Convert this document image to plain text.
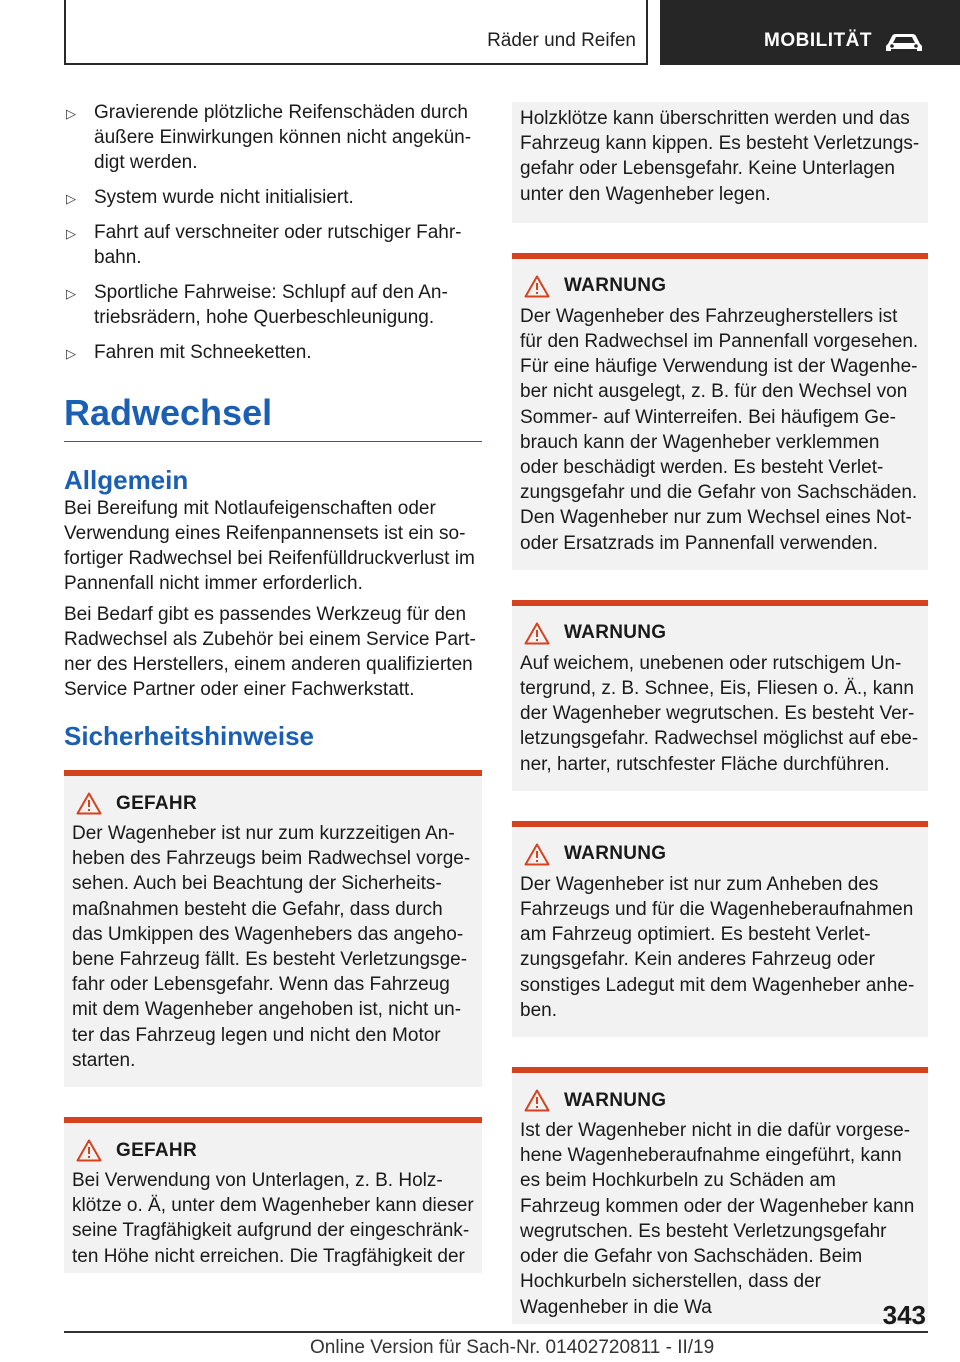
Räder und Reifen	MOBILITÄT
▷ Gravierende plötzliche Reifenschäden durch äußere Einwirkungen können nicht angekündigt werden.
▷ System wurde nicht initialisiert.
▷ Fahrt auf verschneiter oder rutschiger Fahrbahn.
▷ Sportliche Fahrweise: Schlupf auf den Antriebsrädern, hohe Querbeschleunigung.
▷ Fahren mit Schneeketten.
Radwechsel
Allgemein

Bei Bereifung mit Notlaufeigenschaften oder Verwendung eines Reifenpannensets ist ein sofortiger Radwechsel bei Reifenfülldruckverlust im Pannenfall nicht immer erforderlich.

Bei Bedarf gibt es passendes Werkzeug für den Radwechsel als Zubehör bei einem Service Partner des Herstellers, einem anderen qualifizierten Service Partner oder einer Fachwerkstatt.

Sicherheitshinweise
GEFAHR

Der Wagenheber ist nur zum kurzzeitigen Anheben des Fahrzeugs beim Radwechsel vorgesehen. Auch bei Beachtung der Sicherheitsmaßnahmen besteht die Gefahr, dass durch das Umkippen des Wagenhebers das angehobene Fahrzeug fällt. Es besteht Verletzungsgefahr oder Lebensgefahr. Wenn das Fahrzeug mit dem Wagenheber angehoben ist, nicht unter das Fahrzeug legen und nicht den Motor starten.

GEFAHR

Bei Verwendung von Unterlagen, z. B. Holzklötze o. Ä, unter dem Wagenheber kann dieser seine Tragfähigkeit aufgrund der eingeschränkten Höhe nicht erreichen. Die Tragfähigkeit der

Holzklötze kann überschritten werden und das Fahrzeug kann kippen. Es besteht Verletzungsgefahr oder Lebensgefahr. Keine Unterlagen unter den Wagenheber legen.

WARNUNG

Der Wagenheber des Fahrzeugherstellers ist für den Radwechsel im Pannenfall vorgesehen. Für eine häufige Verwendung ist der Wagenheber nicht ausgelegt, z. B. für den Wechsel von Sommer- auf Winterreifen. Bei häufigem Gebrauch kann der Wagenheber verklemmen oder beschädigt werden. Es besteht Verletzungsgefahr und die Gefahr von Sachschäden. Den Wagenheber nur zum Wechsel eines Not- oder Ersatzrads im Pannenfall verwenden.

WARNUNG

Auf weichem, unebenen oder rutschigem Untergrund, z. B. Schnee, Eis, Fliesen o. Ä., kann der Wagenheber wegrutschen. Es besteht Verletzungsgefahr. Radwechsel möglichst auf ebener, harter, rutschfester Fläche durchführen.

WARNUNG

Der Wagenheber ist nur zum Anheben des Fahrzeugs und für die Wagenheberaufnahmen am Fahrzeug optimiert. Es besteht Verletzungsgefahr. Kein anderes Fahrzeug oder sonstiges Ladegut mit dem Wagenheber anheben.

WARNUNG

Ist der Wagenheber nicht in die dafür vorgesehene Wagenheberaufnahme eingeführt, kann es beim Hochkurbeln zu Schäden am Fahrzeug kommen oder der Wagenheber kann wegrutschen. Es besteht Verletzungsgefahr oder die Gefahr von Sachschäden. Beim Hochkurbeln sicherstellen, dass der Wagenheber in die Wa	343
Online Version für Sach-Nr. 01402720811 - II/19
